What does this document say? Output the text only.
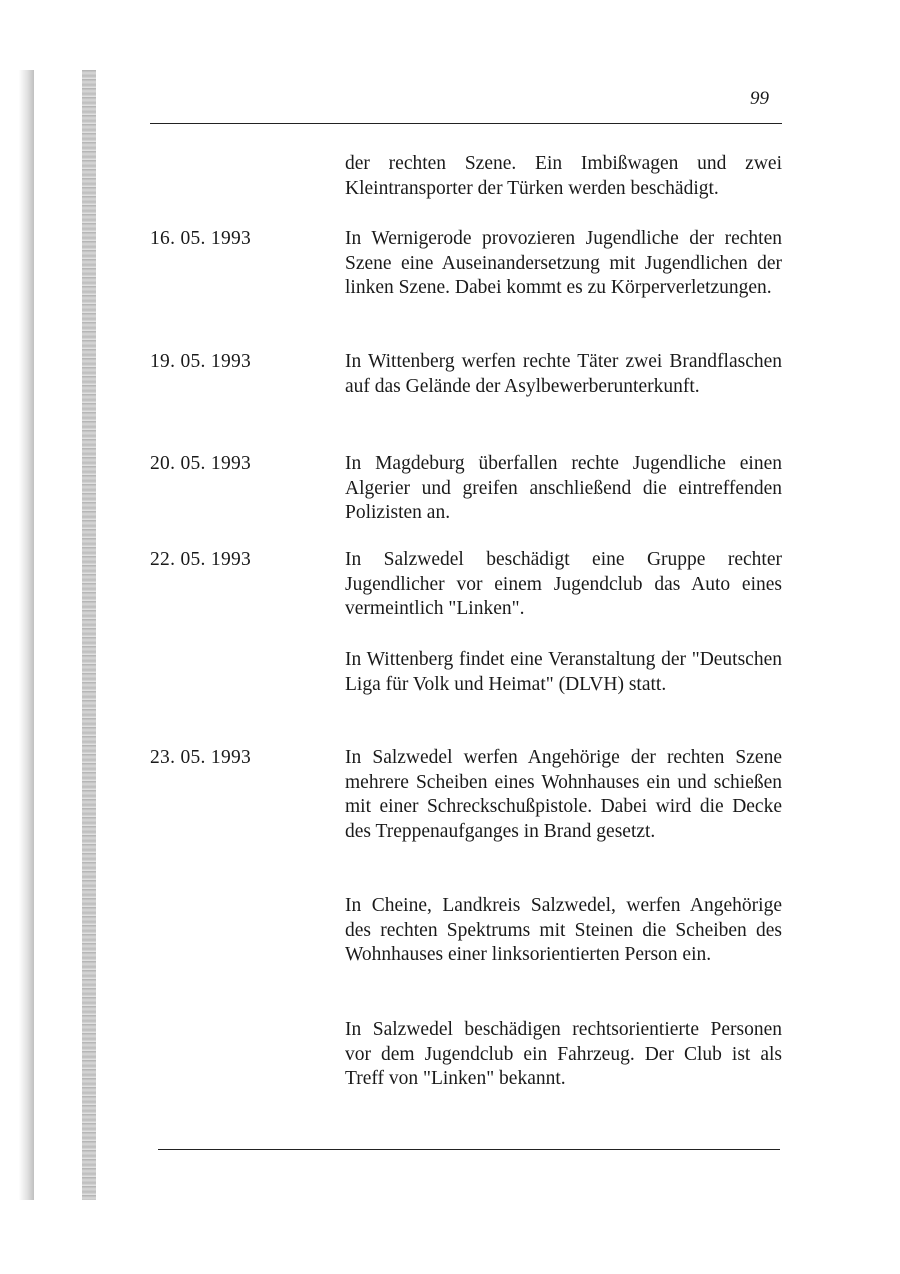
99
der rechten Szene. Ein Imbißwagen und zwei Kleintransporter der Türken werden beschädigt.
16. 05. 1993	In Wernigerode provozieren Jugendliche der rechten Szene eine Auseinandersetzung mit Jugendlichen der linken Szene. Dabei kommt es zu Körperverletzungen.
19. 05. 1993	In Wittenberg werfen rechte Täter zwei Brandflaschen auf das Gelände der Asylbewerberunterkunft.
20. 05. 1993	In Magdeburg überfallen rechte Jugendliche einen Algerier und greifen anschließend die eintreffenden Polizisten an.
22. 05. 1993	In Salzwedel beschädigt eine Gruppe rechter Jugendlicher vor einem Jugendclub das Auto eines vermeintlich "Linken".
In Wittenberg findet eine Veranstaltung der "Deutschen Liga für Volk und Heimat" (DLVH) statt.
23. 05. 1993	In Salzwedel werfen Angehörige der rechten Szene mehrere Scheiben eines Wohnhauses ein und schießen mit einer Schreckschußpistole. Dabei wird die Decke des Treppenaufganges in Brand gesetzt.
In Cheine, Landkreis Salzwedel, werfen Angehörige des rechten Spektrums mit Steinen die Scheiben des Wohnhauses einer linksorientierten Person ein.
In Salzwedel beschädigen rechtsorientierte Personen vor dem Jugendclub ein Fahrzeug. Der Club ist als Treff von "Linken" bekannt.
